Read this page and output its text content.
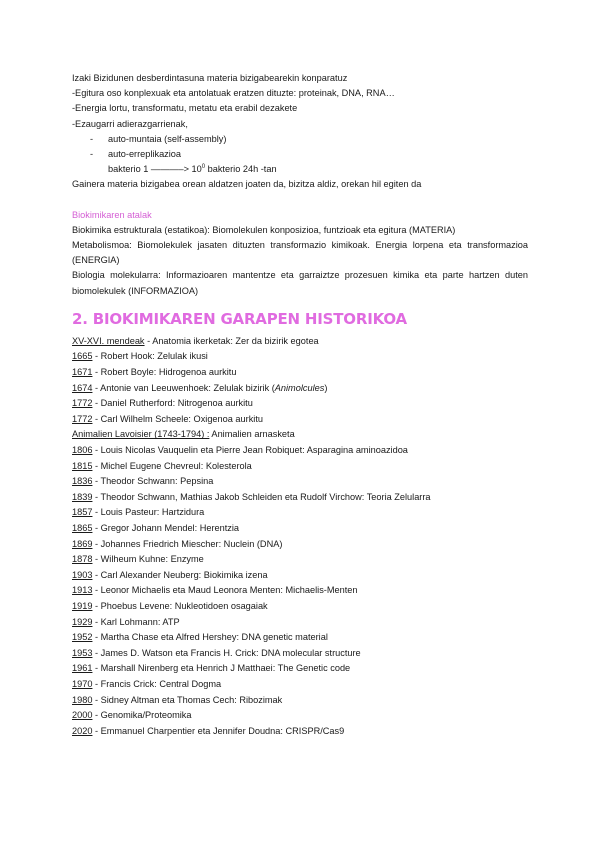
Izaki Bizidunen desberdintasuna materia bizigabearekin konparatuz
-Egitura oso konplexuak eta antolatuak eratzen dituzte: proteinak, DNA, RNA…
-Energia lortu, transformatu, metatu eta erabil dezakete
-Ezaugarri adierazgarrienak,
- auto-muntaia (self-assembly)
- auto-erreplikazioa
bakterio 1 ———–> $10^0$ bakterio 24h -tan
Gainera materia bizigabea orean aldatzen joaten da, bizitza aldiz, orekan hil egiten da
Biokimikaren atalak
Biokimika estrukturala (estatikoa): Biomolekulen konposizioa, funtzioak eta egitura (MATERIA)
Metabolismoa: Biomolekulek jasaten dituzten transformazio kimikoak. Energia lorpena eta transformazioa (ENERGIA)
Biologia molekularra: Informazioaren mantentze eta garraiztze prozesuen kimika eta parte hartzen duten biomolekulek (INFORMAZIOA)
2. BIOKIMIKAREN GARAPEN HISTORIKOA
XV-XVI. mendeak - Anatomia ikerketak: Zer da bizirik egotea
1665 - Robert Hook: Zelulak ikusi
1671 - Robert Boyle: Hidrogenoa aurkitu
1674 - Antonie van Leeuwenhoek: Zelulak bizirik (Animolcules)
1772 - Daniel Rutherford: Nitrogenoa aurkitu
1772 - Carl Wilhelm Scheele: Oxigenoa aurkitu
Animalien Lavoisier (1743-1794) : Animalien arnasketa
1806 - Louis Nicolas Vauquelin eta Pierre Jean Robiquet: Asparagina aminoazidoa
1815 - Michel Eugene Chevreul: Kolesterola
1836 - Theodor Schwann: Pepsina
1839 - Theodor Schwann, Mathias Jakob Schleiden eta Rudolf Virchow: Teoria Zelularra
1857 - Louis Pasteur: Hartzidura
1865 - Gregor Johann Mendel: Herentzia
1869 - Johannes Friedrich Miescher: Nuclein (DNA)
1878 - Wilheum Kuhne: Enzyme
1903 - Carl Alexander Neuberg: Biokimika izena
1913 - Leonor Michaelis eta Maud Leonora Menten: Michaelis-Menten
1919 - Phoebus Levene: Nukleotidoen osagaiak
1929 - Karl Lohmann: ATP
1952 - Martha Chase eta Alfred Hershey: DNA genetic material
1953 - James D. Watson eta Francis H. Crick: DNA molecular structure
1961 - Marshall Nirenberg eta Henrich J Matthaei: The Genetic code
1970 - Francis Crick: Central Dogma
1980 - Sidney Altman eta Thomas Cech: Ribozimak
2000 - Genomika/Proteomika
2020 - Emmanuel Charpentier eta Jennifer Doudna: CRISPR/Cas9
